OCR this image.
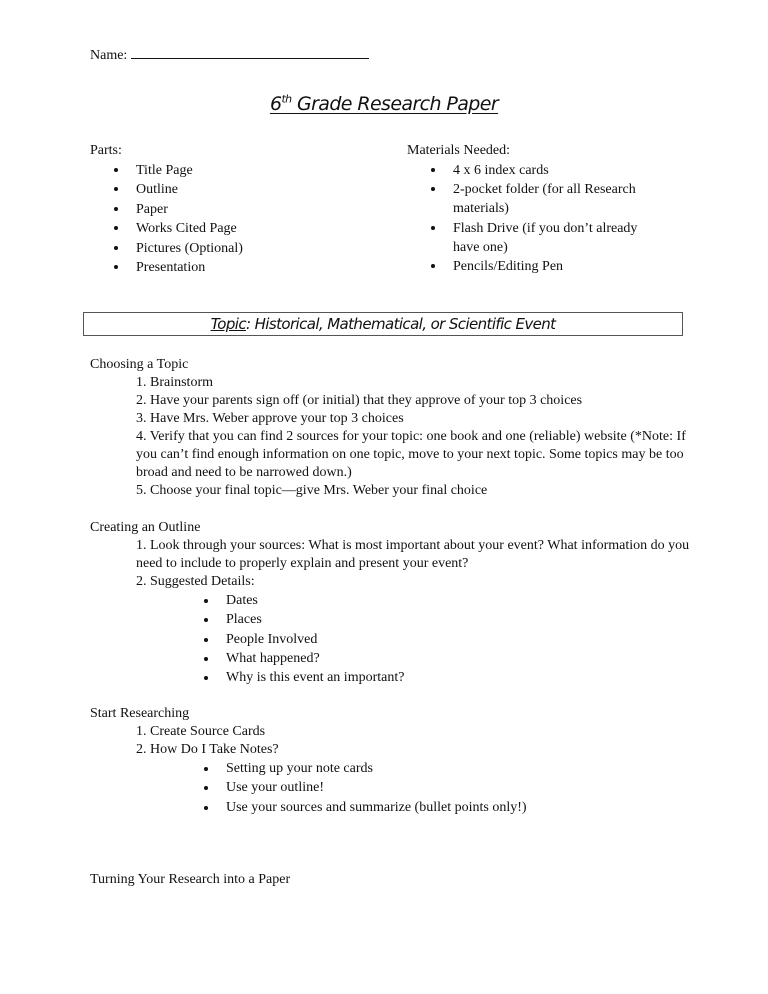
Name:
6th Grade Research Paper
Parts:
Title Page
Outline
Paper
Works Cited Page
Pictures (Optional)
Presentation
Materials Needed:
4 x 6 index cards
2-pocket folder (for all Research materials)
Flash Drive (if you don’t already have one)
Pencils/Editing Pen
Topic: Historical, Mathematical, or Scientific Event
Choosing a Topic
1. Brainstorm
2. Have your parents sign off (or initial) that they approve of your top 3 choices
3. Have Mrs. Weber approve your top 3 choices
4. Verify that you can find 2 sources for your topic: one book and one (reliable) website (*Note: If you can’t find enough information on one topic, move to your next topic. Some topics may be too broad and need to be narrowed down.)
5. Choose your final topic—give Mrs. Weber your final choice
Creating an Outline
1. Look through your sources: What is most important about your event? What information do you need to include to properly explain and present your event?
2. Suggested Details:
Dates
Places
People Involved
What happened?
Why is this event an important?
Start Researching
1. Create Source Cards
2. How Do I Take Notes?
Setting up your note cards
Use your outline!
Use your sources and summarize (bullet points only!)
Turning Your Research into a Paper
